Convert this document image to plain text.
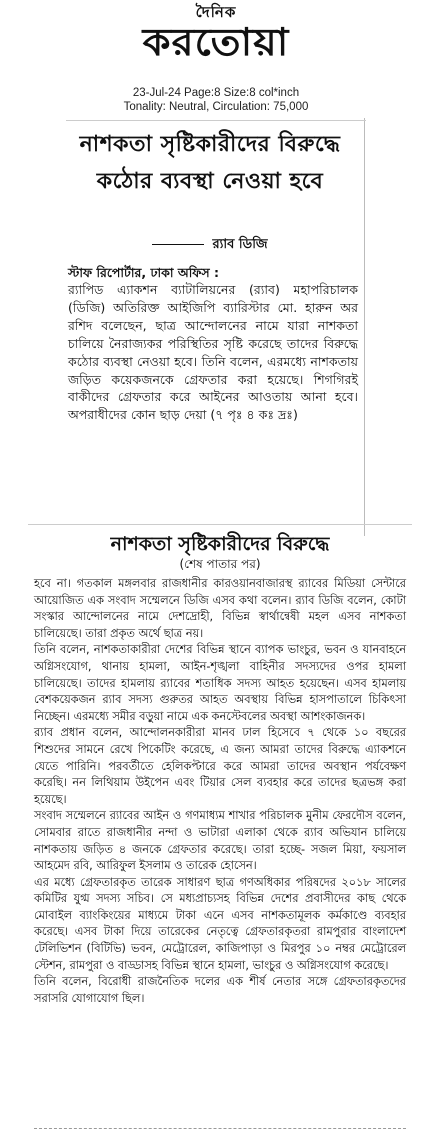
দৈনিক
করতোয়া
23-Jul-24 Page:8 Size:8 col*inch
Tonality: Neutral, Circulation: 75,000
নাশকতা সৃষ্টিকারীদের বিরুদ্ধে কঠোর ব্যবস্থা নেওয়া হবে
র‍্যাব ডিজি
স্টাফ রিপোর্টার, ঢাকা অফিস :

র‍্যাপিড এ্যাকশন ব্যাটালিয়নের (র‍্যাব) মহাপরিচালক (ডিজি) অতিরিক্ত আইজিপি ব্যারিস্টার মো. হারুন অর রশিদ বলেছেন, ছাত্র আন্দোলনের নামে যারা নাশকতা চালিয়ে নৈরাজ্যকর পরিস্থিতির সৃষ্টি করেছে তাদের বিরুদ্ধে কঠোর ব্যবস্থা নেওয়া হবে। তিনি বলেন, এরমধ্যে নাশকতায় জড়িত কয়েকজনকে গ্রেফতার করা হয়েছে। শিগগিরই বাকীদের গ্রেফতার করে আইনের আওতায় আনা হবে। অপরাধীদের কোন ছাড় দেয়া (৭ পৃঃ ৪ কঃ দ্রঃ)

নাশকতা সৃষ্টিকারীদের বিরুদ্ধে
(শেষ পাতার পর)

হবে না। গতকাল মঙ্গলবার রাজধানীর কারওয়ানবাজারস্থ র‍্যাবের মিডিয়া সেন্টারে আয়োজিত এক সংবাদ সম্মেলনে ডিজি এসব কথা বলেন। র‍্যাব ডিজি বলেন, কোটা সংস্কার আন্দোলনের নামে দেশদ্রোহী, বিভিন্ন স্বার্থান্বেষী মহল এসব নাশকতা চালিয়েছে। তারা প্রকৃত অর্থে ছাত্র নয়।

তিনি বলেন, নাশকতাকারীরা দেশের বিভিন্ন স্থানে ব্যাপক ভাংচুর, ভবন ও যানবাহনে অগ্নিসংযোগ, থানায় হামলা, আইন-শৃঙ্খলা বাহিনীর সদস্যদের ওপর হামলা চালিয়েছে। তাদের হামলায় র‍্যাবের শতাধিক সদস্য আহত হয়েছেন। এসব হামলায় বেশকয়েকজন র‍্যাব সদস্য গুরুতর আহত অবস্থায় বিভিন্ন হাসপাতালে চিকিৎসা নিচ্ছেন। এরমধ্যে সমীর বড়ুয়া নামে এক কনস্টেবলের অবস্থা আশংকাজনক।

র‍্যাব প্রধান বলেন, আন্দোলনকারীরা মানব ঢাল হিসেবে ৭ থেকে ১০ বছরের শিশুদের সামনে রেখে পিকেটিং করেছে, এ জন্য আমরা তাদের বিরুদ্ধে এ্যাকশনে যেতে পারিনি। পরবর্তীতে হেলিকপ্টারে করে আমরা তাদের অবস্থান পর্যবেক্ষণ করেছি। নন লিথিয়াম উইপেন এবং টিয়ার সেল ব্যবহার করে তাদের ছত্রভঙ্গ করা হয়েছে।

সংবাদ সম্মেলনে র‍্যাবের আইন ও গণমাধ্যম শাখার পরিচালক মুনীম ফেরদৌস বলেন, সোমবার রাতে রাজধানীর নন্দা ও ভাটারা এলাকা থেকে র‍্যাব অভিযান চালিয়ে নাশকতায় জড়িত ৪ জনকে গ্রেফতার করেছে। তারা হচ্ছে- সজল মিয়া, ফয়সাল আহমেদ রবি, আরিফুল ইসলাম ও তারেক হোসেন।

এর মধ্যে গ্রেফতারকৃত তারেক সাধারণ ছাত্র গণঅধিকার পরিষদের ২০১৮ সালের কমিটির যুগ্ম সদস্য সচিব। সে মধ্যপ্রাচ্যসহ বিভিন্ন দেশের প্রবাসীদের কাছ থেকে মোবাইল ব্যাংকিংয়ের মাধ্যমে টাকা এনে এসব নাশকতামূলক কর্মকাণ্ডে ব্যবহার করেছে। এসব টাকা দিয়ে তারেকের নেতৃত্বে গ্রেফতারকৃতরা রামপুরার বাংলাদেশ টেলিভিশন (বিটিভি) ভবন, মেট্রোরেল, কাজিপাড়া ও মিরপুর ১০ নম্বর মেট্রোরেল স্টেশন, রামপুরা ও বাড্ডাসহ বিভিন্ন স্থানে হামলা, ভাংচুর ও অগ্নিসংযোগ করেছে।

তিনি বলেন, বিরোধী রাজনৈতিক দলের এক শীর্ষ নেতার সঙ্গে গ্রেফতারকৃতদের সরাসরি যোগাযোগ ছিল।
